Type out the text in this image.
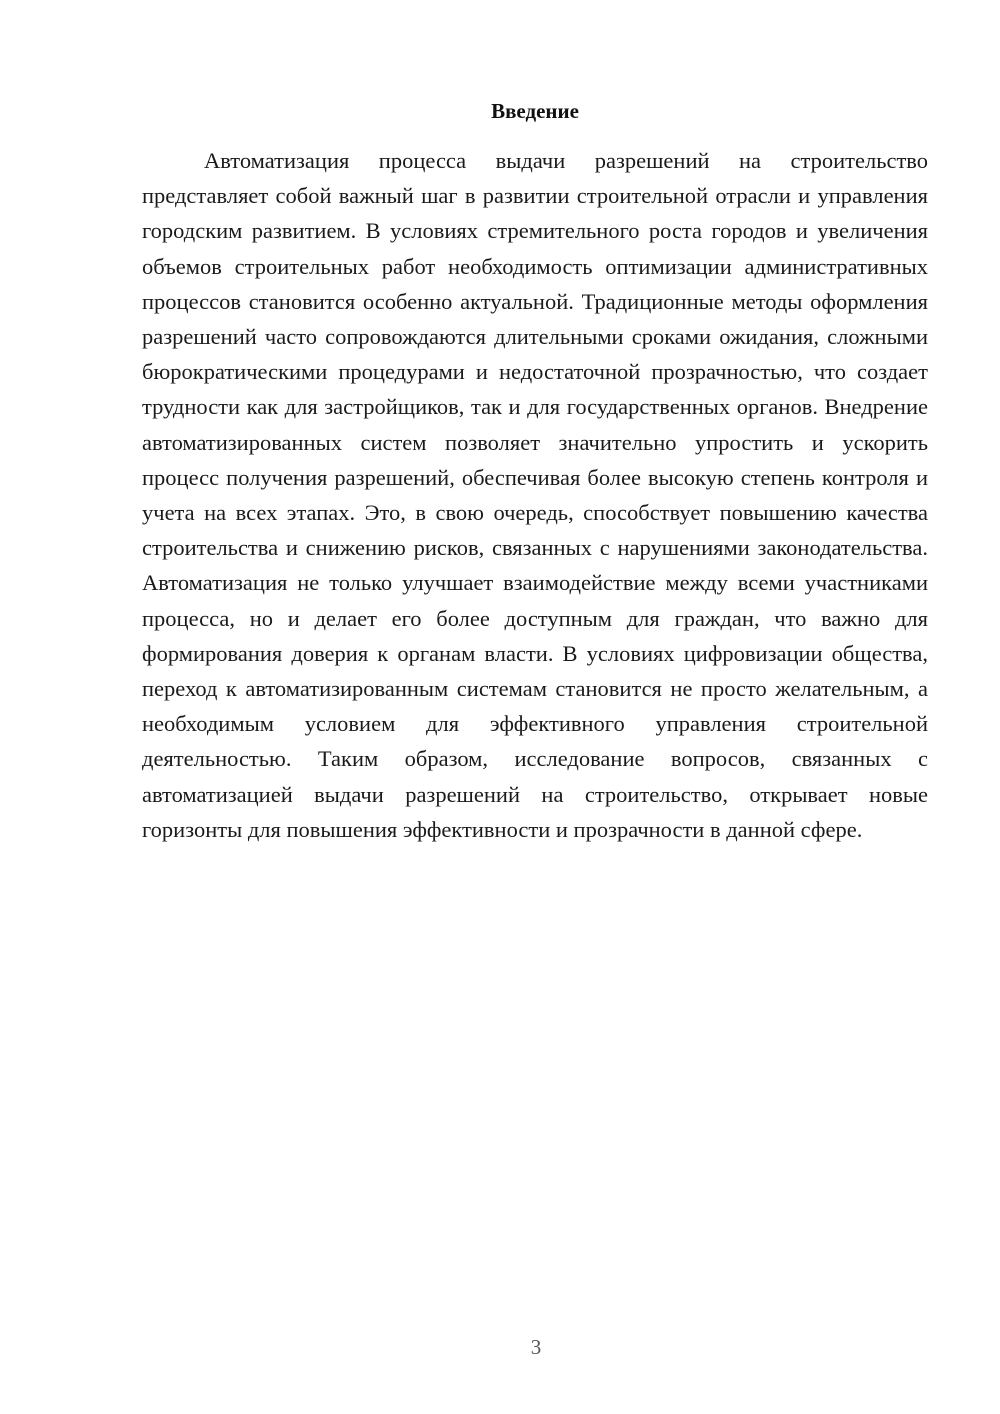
Введение

Автоматизация процесса выдачи разрешений на строительство представляет собой важный шаг в развитии строительной отрасли и управления городским развитием. В условиях стремительного роста городов и увеличения объемов строительных работ необходимость оптимизации административных процессов становится особенно актуальной. Традиционные методы оформления разрешений часто сопровождаются длительными сроками ожидания, сложными бюрократическими процедурами и недостаточной прозрачностью, что создает трудности как для застройщиков, так и для государственных органов. Внедрение автоматизированных систем позволяет значительно упростить и ускорить процесс получения разрешений, обеспечивая более высокую степень контроля и учета на всех этапах. Это, в свою очередь, способствует повышению качества строительства и снижению рисков, связанных с нарушениями законодательства. Автоматизация не только улучшает взаимодействие между всеми участниками процесса, но и делает его более доступным для граждан, что важно для формирования доверия к органам власти. В условиях цифровизации общества, переход к автоматизированным системам становится не просто желательным, а необходимым условием для эффективного управления строительной деятельностью. Таким образом, исследование вопросов, связанных с автоматизацией выдачи разрешений на строительство, открывает новые горизонты для повышения эффективности и прозрачности в данной сфере.

3
